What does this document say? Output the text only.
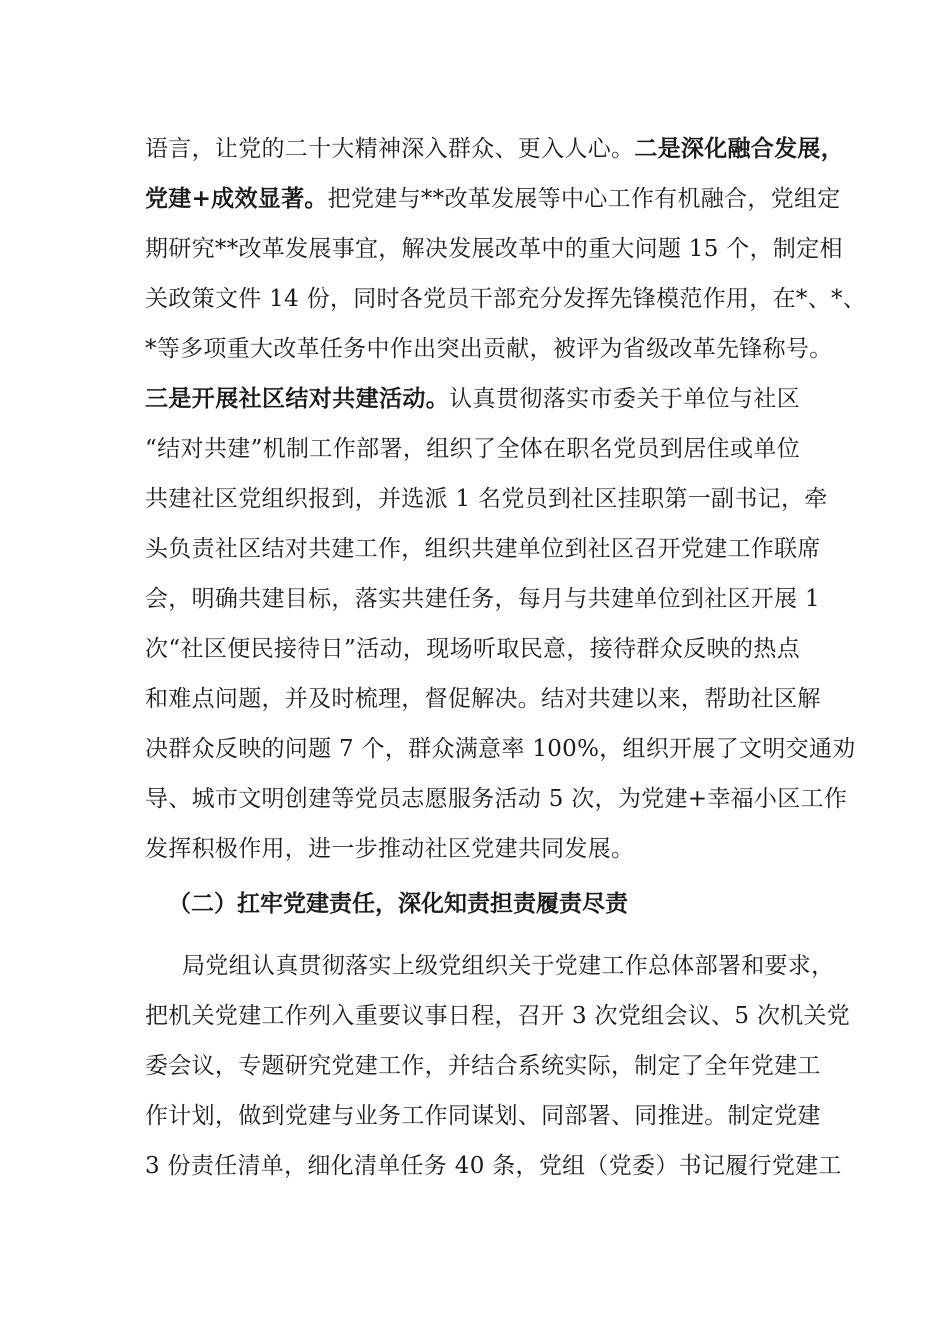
语言，让党的二十大精神深入群众、更入人心。二是深化融合发展，
党建+成效显著。把党建与**改革发展等中心工作有机融合，党组定
期研究**改革发展事宜，解决发展改革中的重大问题 15 个，制定相
关政策文件 14 份，同时各党员干部充分发挥先锋模范作用，在*、*、
*等多项重大改革任务中作出突出贡献，被评为省级改革先锋称号。
三是开展社区结对共建活动。认真贯彻落实市委关于单位与社区
“结对共建”机制工作部署，组织了全体在职名党员到居住或单位
共建社区党组织报到，并选派 1 名党员到社区挂职第一副书记，牵
头负责社区结对共建工作，组织共建单位到社区召开党建工作联席
会，明确共建目标，落实共建任务，每月与共建单位到社区开展 1
次“社区便民接待日”活动，现场听取民意，接待群众反映的热点
和难点问题，并及时梳理，督促解决。结对共建以来，帮助社区解
决群众反映的问题 7 个，群众满意率 100%，组织开展了文明交通劝
导、城市文明创建等党员志愿服务活动 5 次，为党建+幸福小区工作
发挥积极作用，进一步推动社区党建共同发展。
（二）扛牢党建责任，深化知责担责履责尽责
局党组认真贯彻落实上级党组织关于党建工作总体部署和要求，
把机关党建工作列入重要议事日程，召开 3 次党组会议、5 次机关党
委会议，专题研究党建工作，并结合系统实际，制定了全年党建工
作计划，做到党建与业务工作同谋划、同部署、同推进。制定党建
3 份责任清单，细化清单任务 40 条，党组（党委）书记履行党建工
